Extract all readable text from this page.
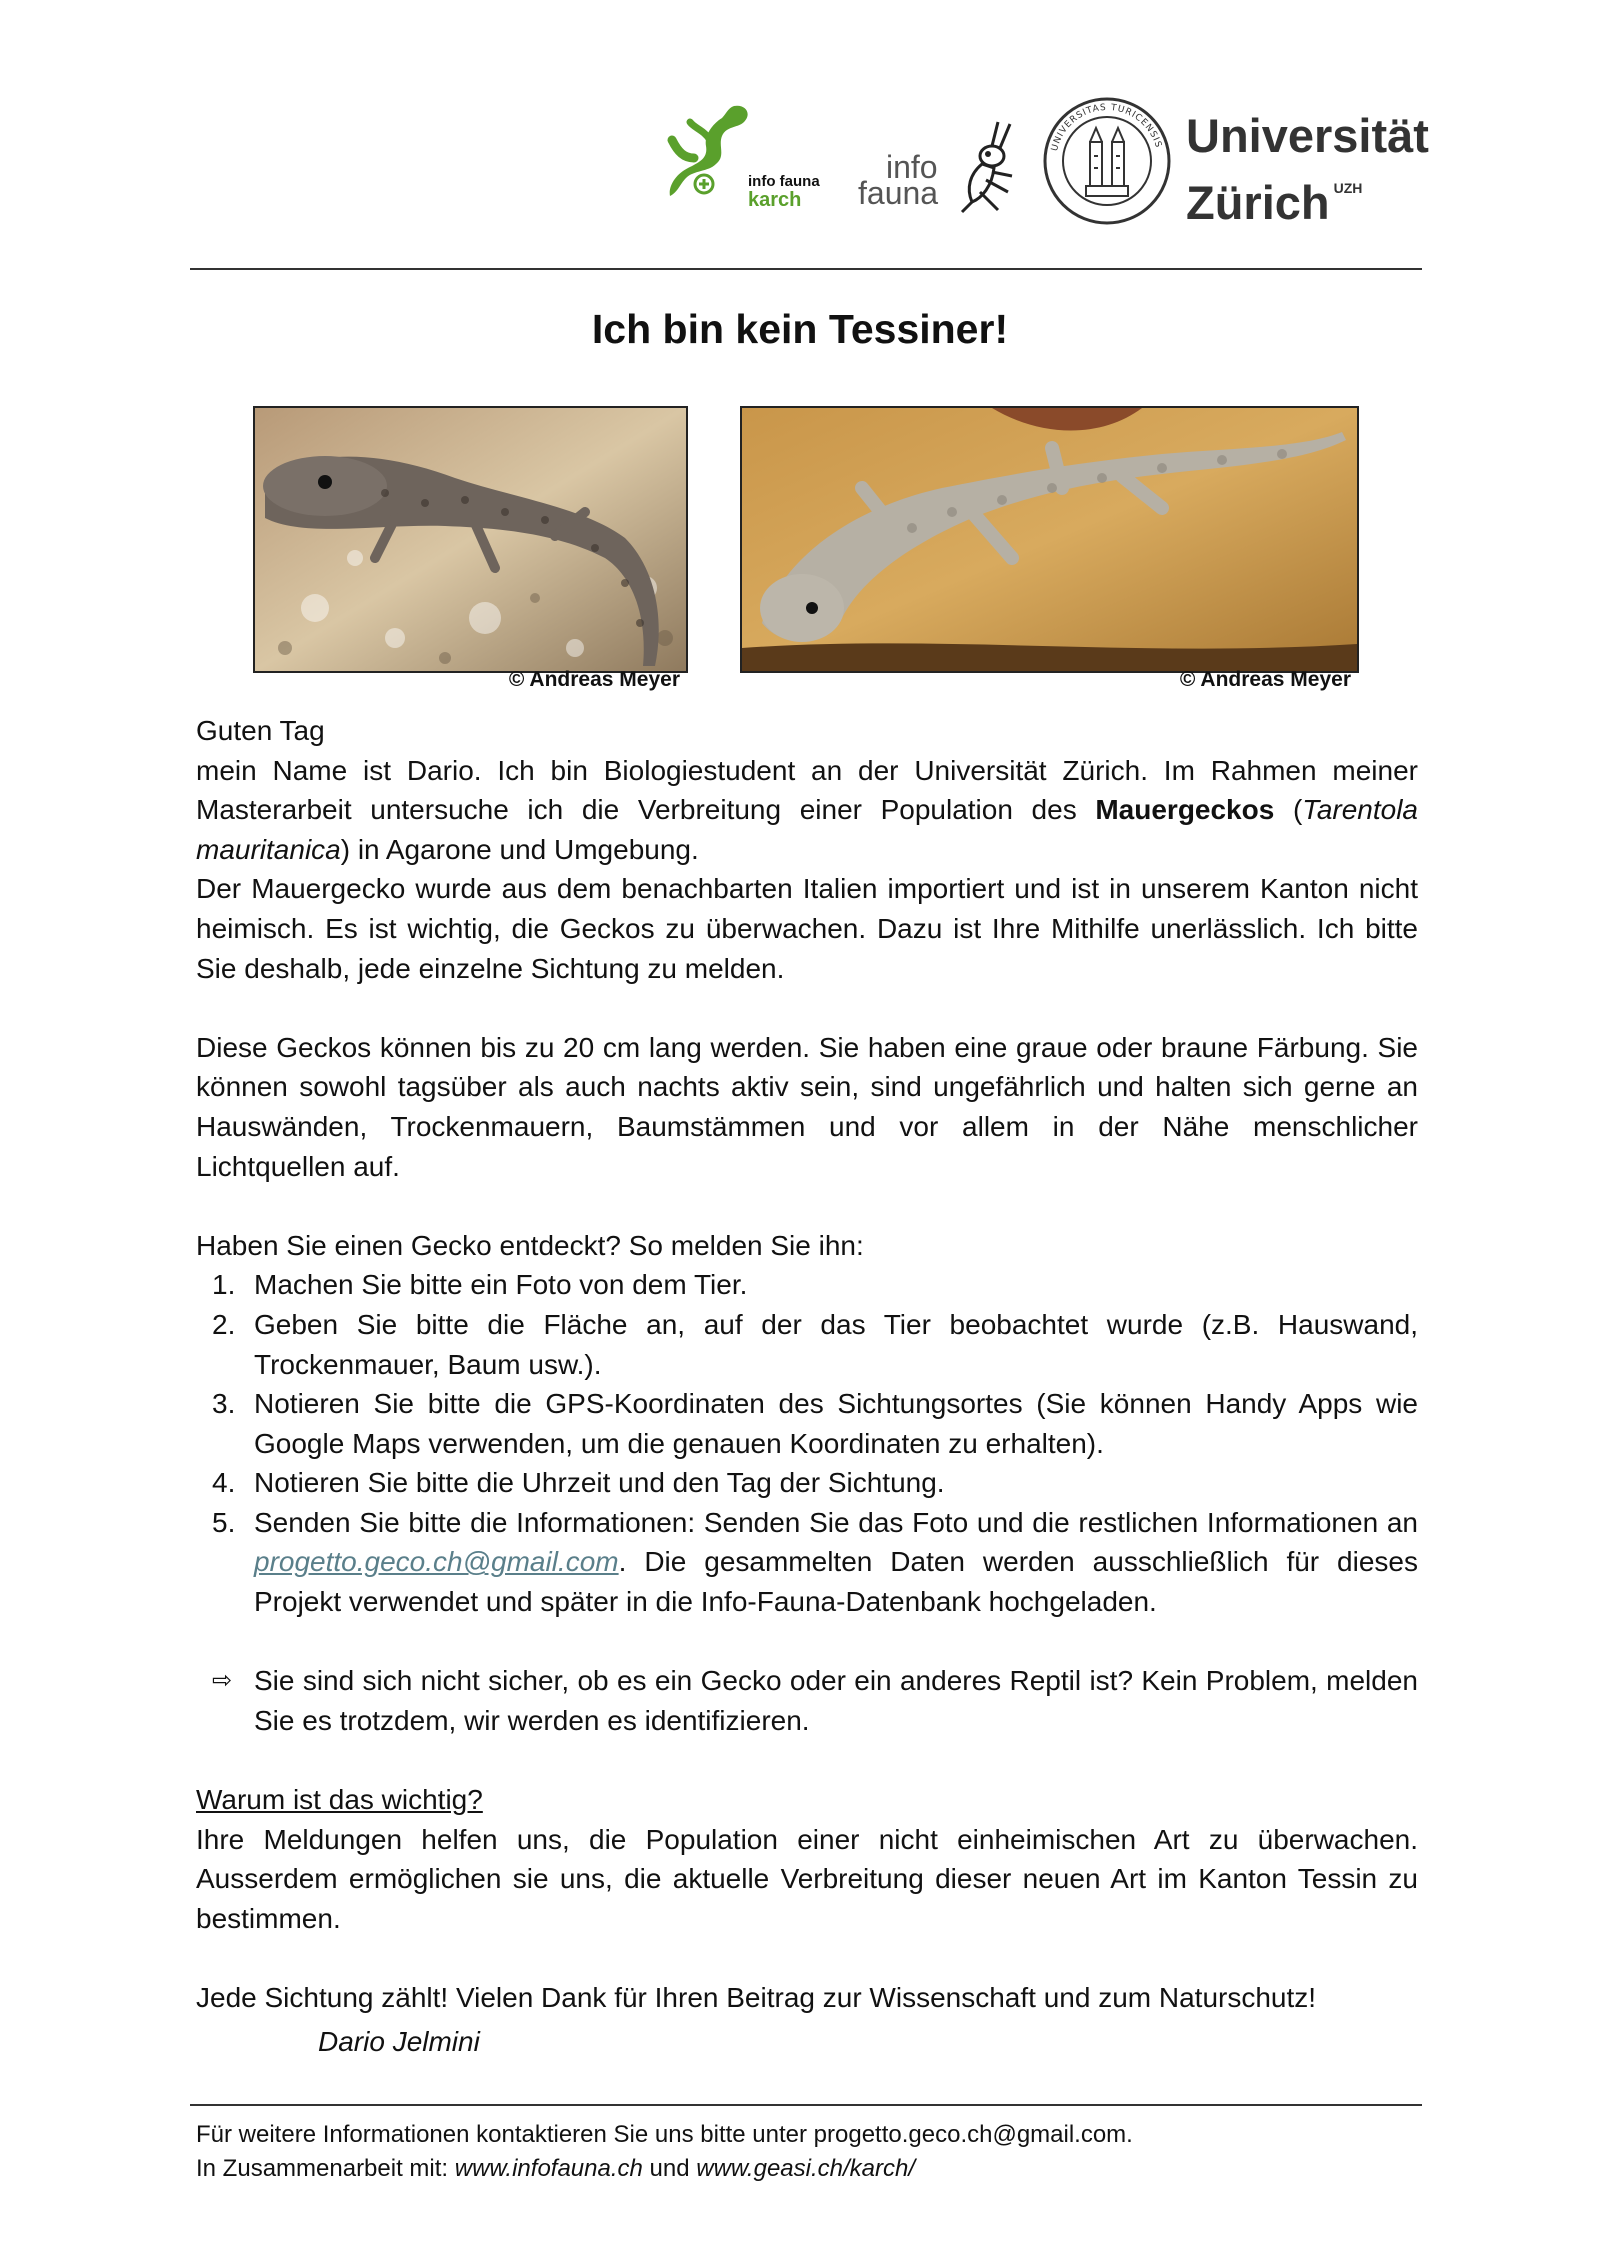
info fauna
karch
info
fauna
UNIVERSITAS TURICENSIS Universität
Zürich $^{UZH}$
Ich bin kein Tessiner!
© Andreas Meyer	© Andreas Meyer

Guten Tag

mein Name ist Dario. Ich bin Biologiestudent an der Universität Zürich. Im Rahmen meiner Masterarbeit untersuche ich die Verbreitung einer Population des Mauergeckos (Tarentola mauritanica) in Agarone und Umgebung.

Der Mauergecko wurde aus dem benachbarten Italien importiert und ist in unserem Kanton nicht heimisch. Es ist wichtig, die Geckos zu überwachen. Dazu ist Ihre Mithilfe unerlässlich. Ich bitte Sie deshalb, jede einzelne Sichtung zu melden.

Diese Geckos können bis zu 20 cm lang werden. Sie haben eine graue oder braune Färbung. Sie können sowohl tagsüber als auch nachts aktiv sein, sind ungefährlich und halten sich gerne an Hauswänden, Trockenmauern, Baumstämmen und vor allem in der Nähe menschlicher Lichtquellen auf.

Haben Sie einen Gecko entdeckt? So melden Sie ihn:

1. Machen Sie bitte ein Foto von dem Tier.
2. Geben Sie bitte die Fläche an, auf der das Tier beobachtet wurde (z.B. Hauswand, Trockenmauer, Baum usw.).
3. Notieren Sie bitte die GPS-Koordinaten des Sichtungsortes (Sie können Handy Apps wie Google Maps verwenden, um die genauen Koordinaten zu erhalten).
4. Notieren Sie bitte die Uhrzeit und den Tag der Sichtung.
5. Senden Sie bitte die Informationen: Senden Sie das Foto und die restlichen Informationen an progetto.geco.ch@gmail.com. Die gesammelten Daten werden ausschließlich für dieses Projekt verwendet und später in die Info-Fauna-Datenbank hochgeladen.
⇨ Sie sind sich nicht sicher, ob es ein Gecko oder ein anderes Reptil ist? Kein Problem, melden Sie es trotzdem, wir werden es identifizieren.

Warum ist das wichtig?

Ihre Meldungen helfen uns, die Population einer nicht einheimischen Art zu überwachen. Ausserdem ermöglichen sie uns, die aktuelle Verbreitung dieser neuen Art im Kanton Tessin zu bestimmen.

Jede Sichtung zählt! Vielen Dank für Ihren Beitrag zur Wissenschaft und zum Naturschutz!

Dario Jelmini

Für weitere Informationen kontaktieren Sie uns bitte unter progetto.geco.ch@gmail.com.
In Zusammenarbeit mit: www.infofauna.ch und www.geasi.ch/karch/
